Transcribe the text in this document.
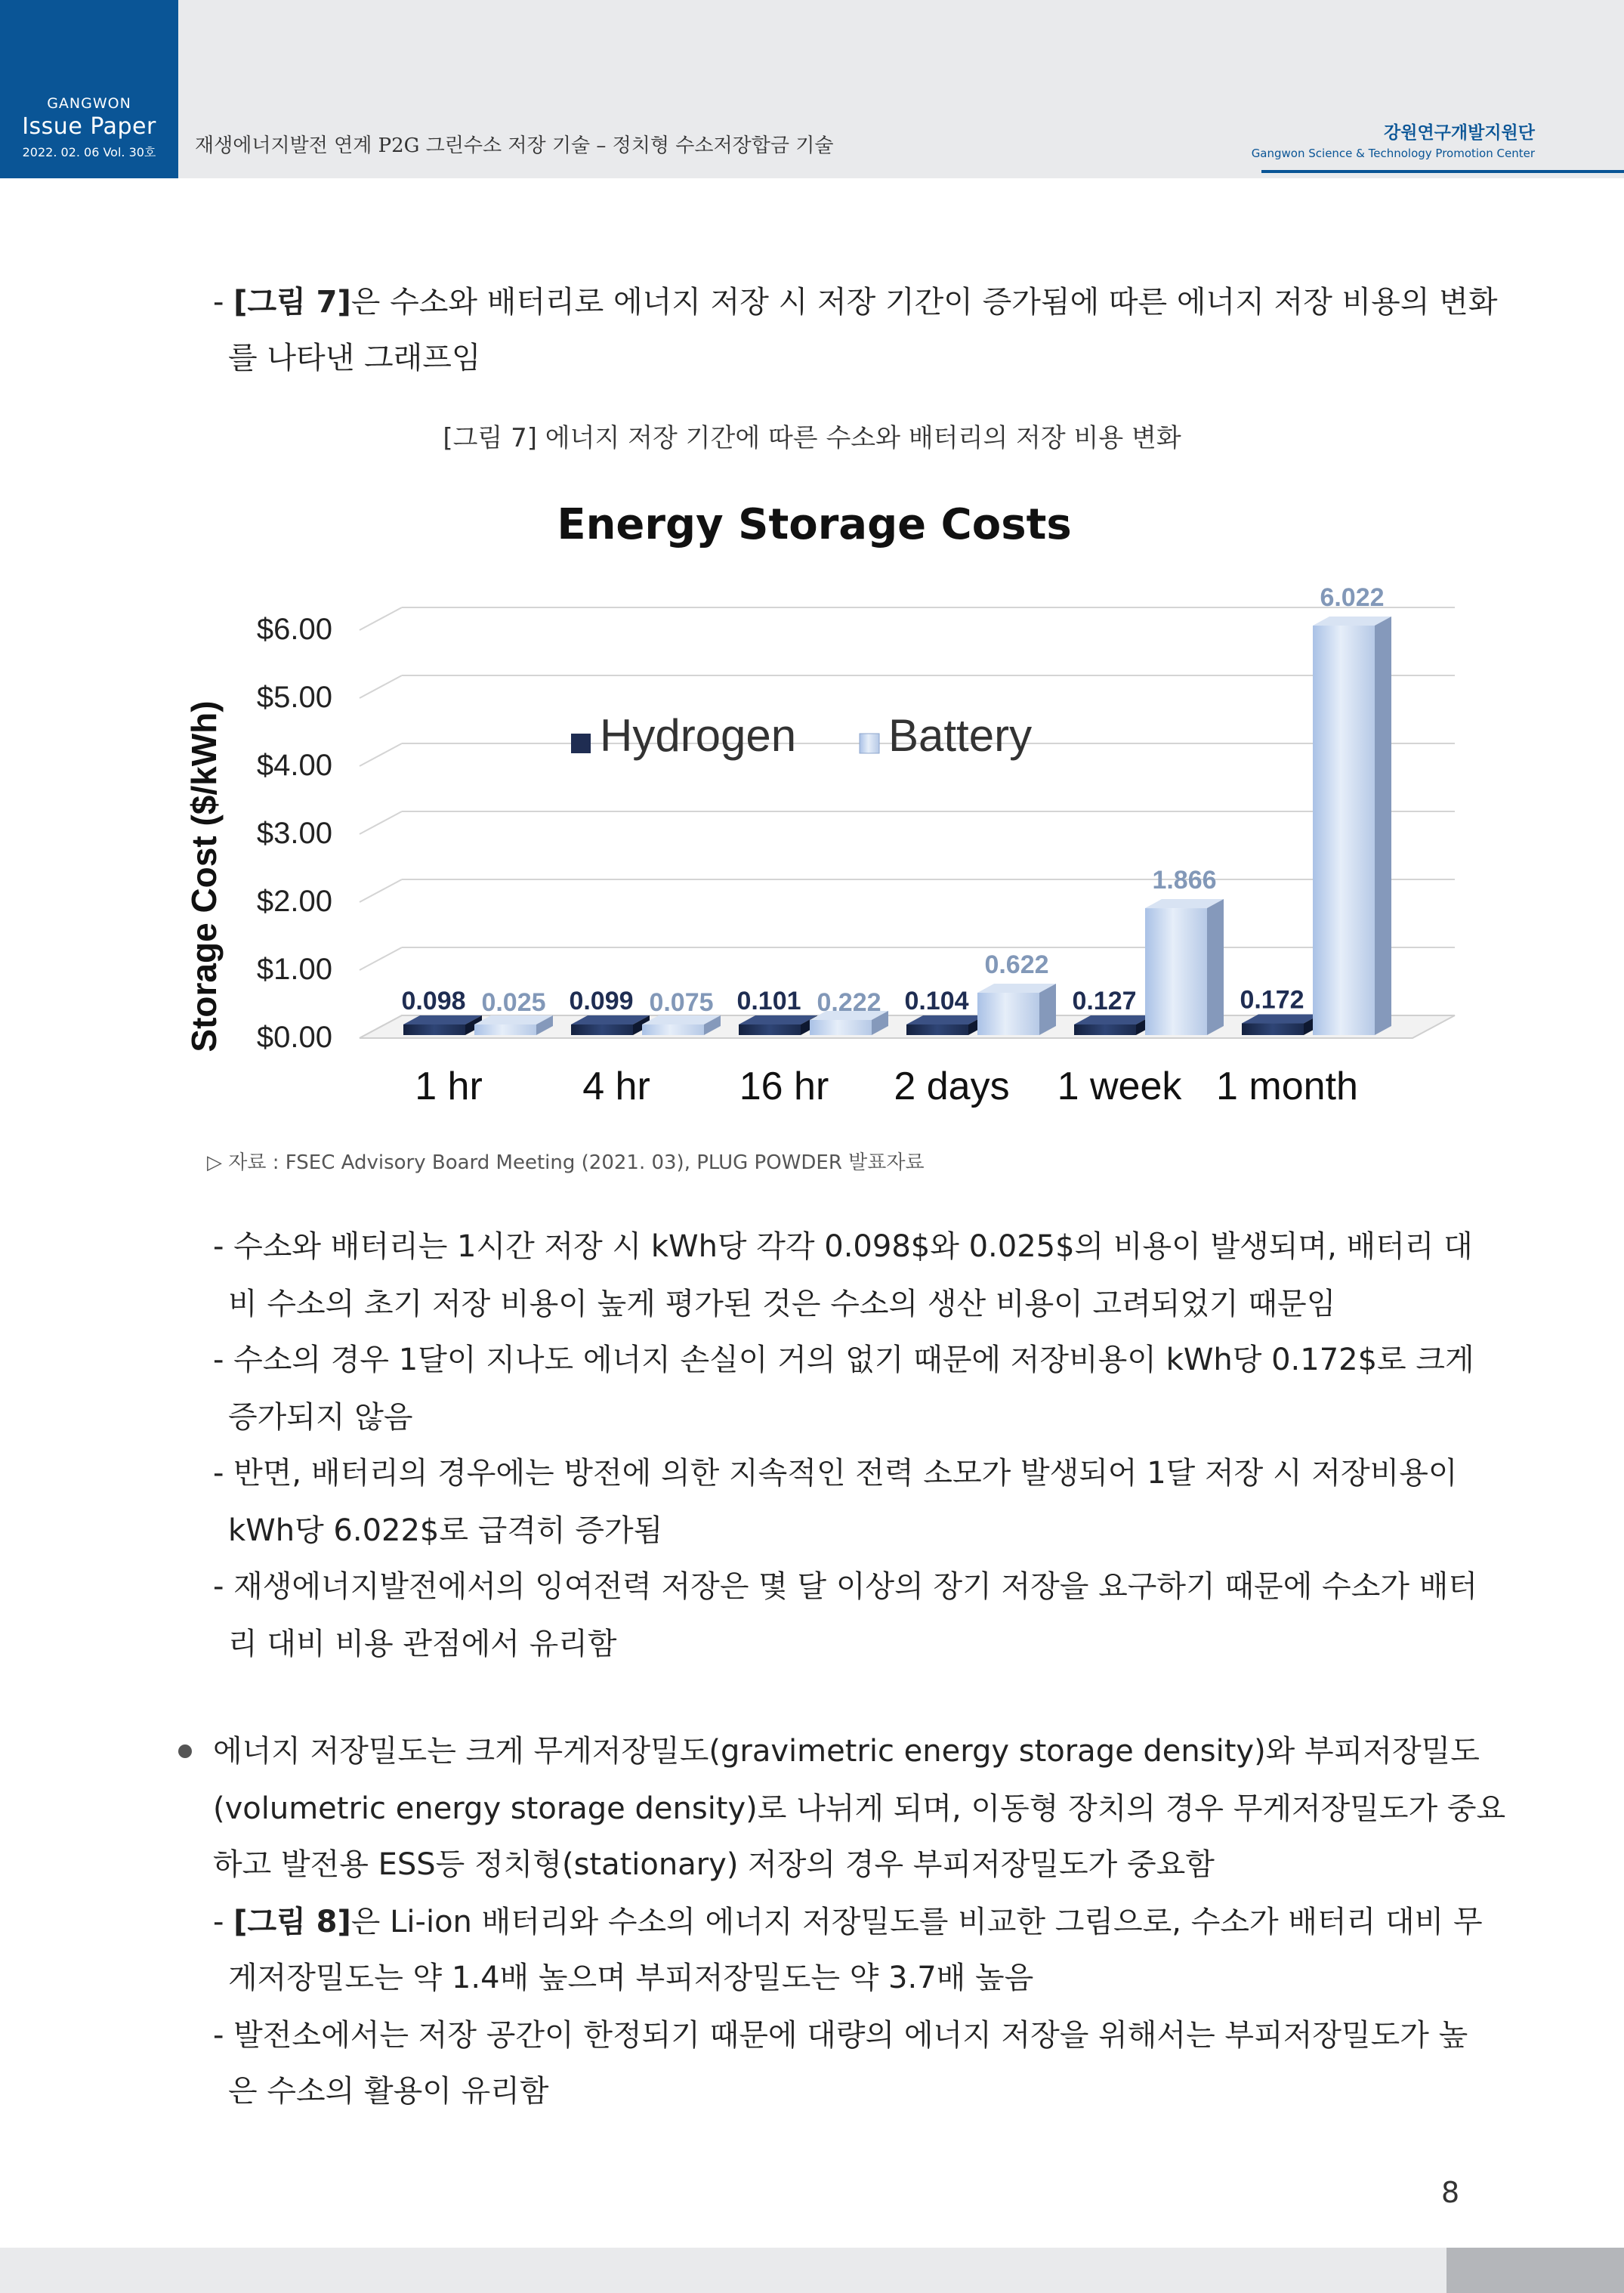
GANGWON
Issue Paper
2022. 02. 06 Vol. 30호	재생에너지발전 연계 P2G 그린수소 저장 기술 – 정치형 수소저장합금 기술
강원연구개발지원단
Gangwon Science & Technology Promotion Center
- [그림 7]은 수소와 배터리로 에너지 저장 시 저장 기간이 증가됨에 따른 에너지 저장 비용의 변화
를 나타낸 그래프임
[그림 7] 에너지 저장 기간에 따른 수소와 배터리의 저장 비용 변화
Energy Storage Costs
$0.00
$1.00
$2.00
$3.00
$4.00
$5.00
$6.00
Storage Cost ($/kWh)	Hydrogen Battery
0.098 0.025
1 hr
0.099 0.075
4 hr
0.101 0.222
16 hr
0.104
0.622
2 days
0.127
1.866
1 week
0.172
6.022
1 month
▷ 자료 : FSEC Advisory Board Meeting (2021. 03), PLUG POWDER 발표자료
- 수소와 배터리는 1시간 저장 시 kWh당 각각 0.098$와 0.025$의 비용이 발생되며, 배터리 대
비 수소의 초기 저장 비용이 높게 평가된 것은 수소의 생산 비용이 고려되었기 때문임
- 수소의 경우 1달이 지나도 에너지 손실이 거의 없기 때문에 저장비용이 kWh당 0.172$로 크게
증가되지 않음
- 반면, 배터리의 경우에는 방전에 의한 지속적인 전력 소모가 발생되어 1달 저장 시 저장비용이
kWh당 6.022$로 급격히 증가됨
- 재생에너지발전에서의 잉여전력 저장은 몇 달 이상의 장기 저장을 요구하기 때문에 수소가 배터
리 대비 비용 관점에서 유리함
에너지 저장밀도는 크게 무게저장밀도(gravimetric energy storage density)와 부피저장밀도
(volumetric energy storage density)로 나뉘게 되며, 이동형 장치의 경우 무게저장밀도가 중요
하고 발전용 ESS등 정치형(stationary) 저장의 경우 부피저장밀도가 중요함
- [그림 8]은 Li-ion 배터리와 수소의 에너지 저장밀도를 비교한 그림으로, 수소가 배터리 대비 무
게저장밀도는 약 1.4배 높으며 부피저장밀도는 약 3.7배 높음
- 발전소에서는 저장 공간이 한정되기 때문에 대량의 에너지 저장을 위해서는 부피저장밀도가 높
은 수소의 활용이 유리함
8
